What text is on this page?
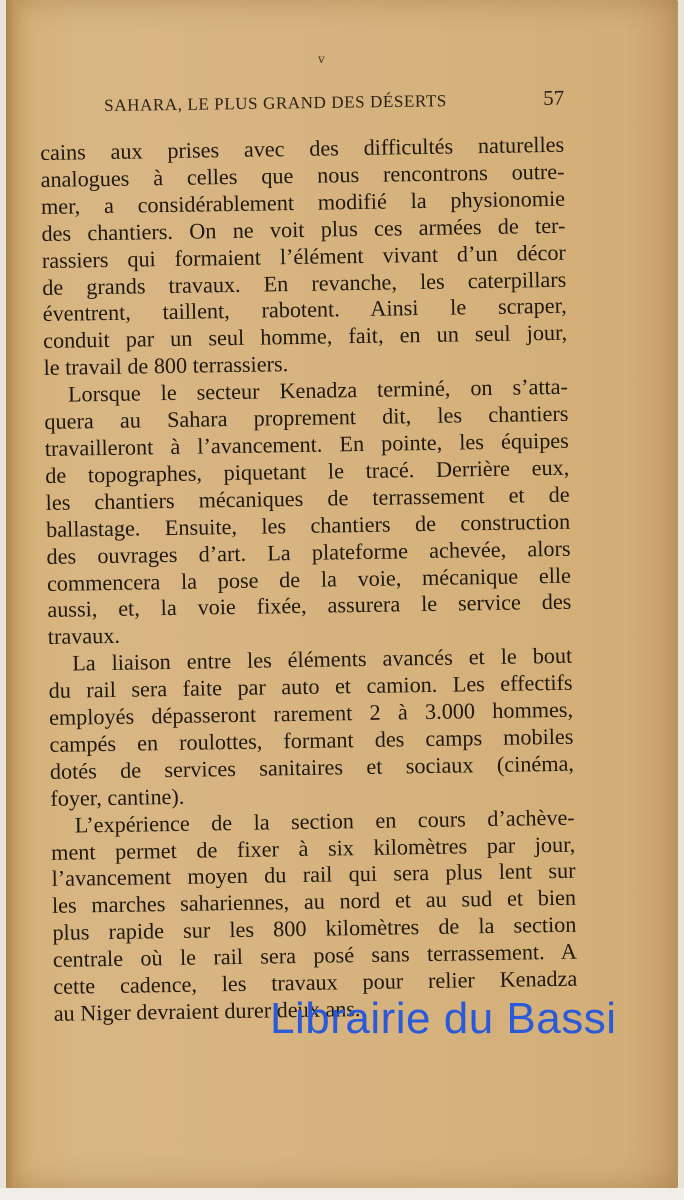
v
SAHARA, LE PLUS GRAND DES DÉSERTS	57

cains aux prises avec des difficultés naturelles
analogues à celles que nous rencontrons outre-
mer, a considérablement modifié la physionomie
des chantiers. On ne voit plus ces armées de ter-
rassiers qui formaient l’élément vivant d’un décor
de grands travaux. En revanche, les caterpillars
éventrent, taillent, rabotent. Ainsi le scraper,
conduit par un seul homme, fait, en un seul jour,
le travail de 800 terrassiers.

Lorsque le secteur Kenadza terminé, on s’atta-
quera au Sahara proprement dit, les chantiers
travailleront à l’avancement. En pointe, les équipes
de topographes, piquetant le tracé. Derrière eux,
les chantiers mécaniques de terrassement et de
ballastage. Ensuite, les chantiers de construction
des ouvrages d’art. La plateforme achevée, alors
commencera la pose de la voie, mécanique elle
aussi, et, la voie fixée, assurera le service des
travaux.

La liaison entre les éléments avancés et le bout
du rail sera faite par auto et camion. Les effectifs
employés dépasseront rarement 2 à 3.000 hommes,
campés en roulottes, formant des camps mobiles
dotés de services sanitaires et sociaux (cinéma,
foyer, cantine).

L’expérience de la section en cours d’achève-
ment permet de fixer à six kilomètres par jour,
l’avancement moyen du rail qui sera plus lent sur
les marches sahariennes, au nord et au sud et bien
plus rapide sur les 800 kilomètres de la section
centrale où le rail sera posé sans terrassement. A
cette cadence, les travaux pour relier Kenadza
au Niger devraient durer deux ans.

Librairie du Bassi
